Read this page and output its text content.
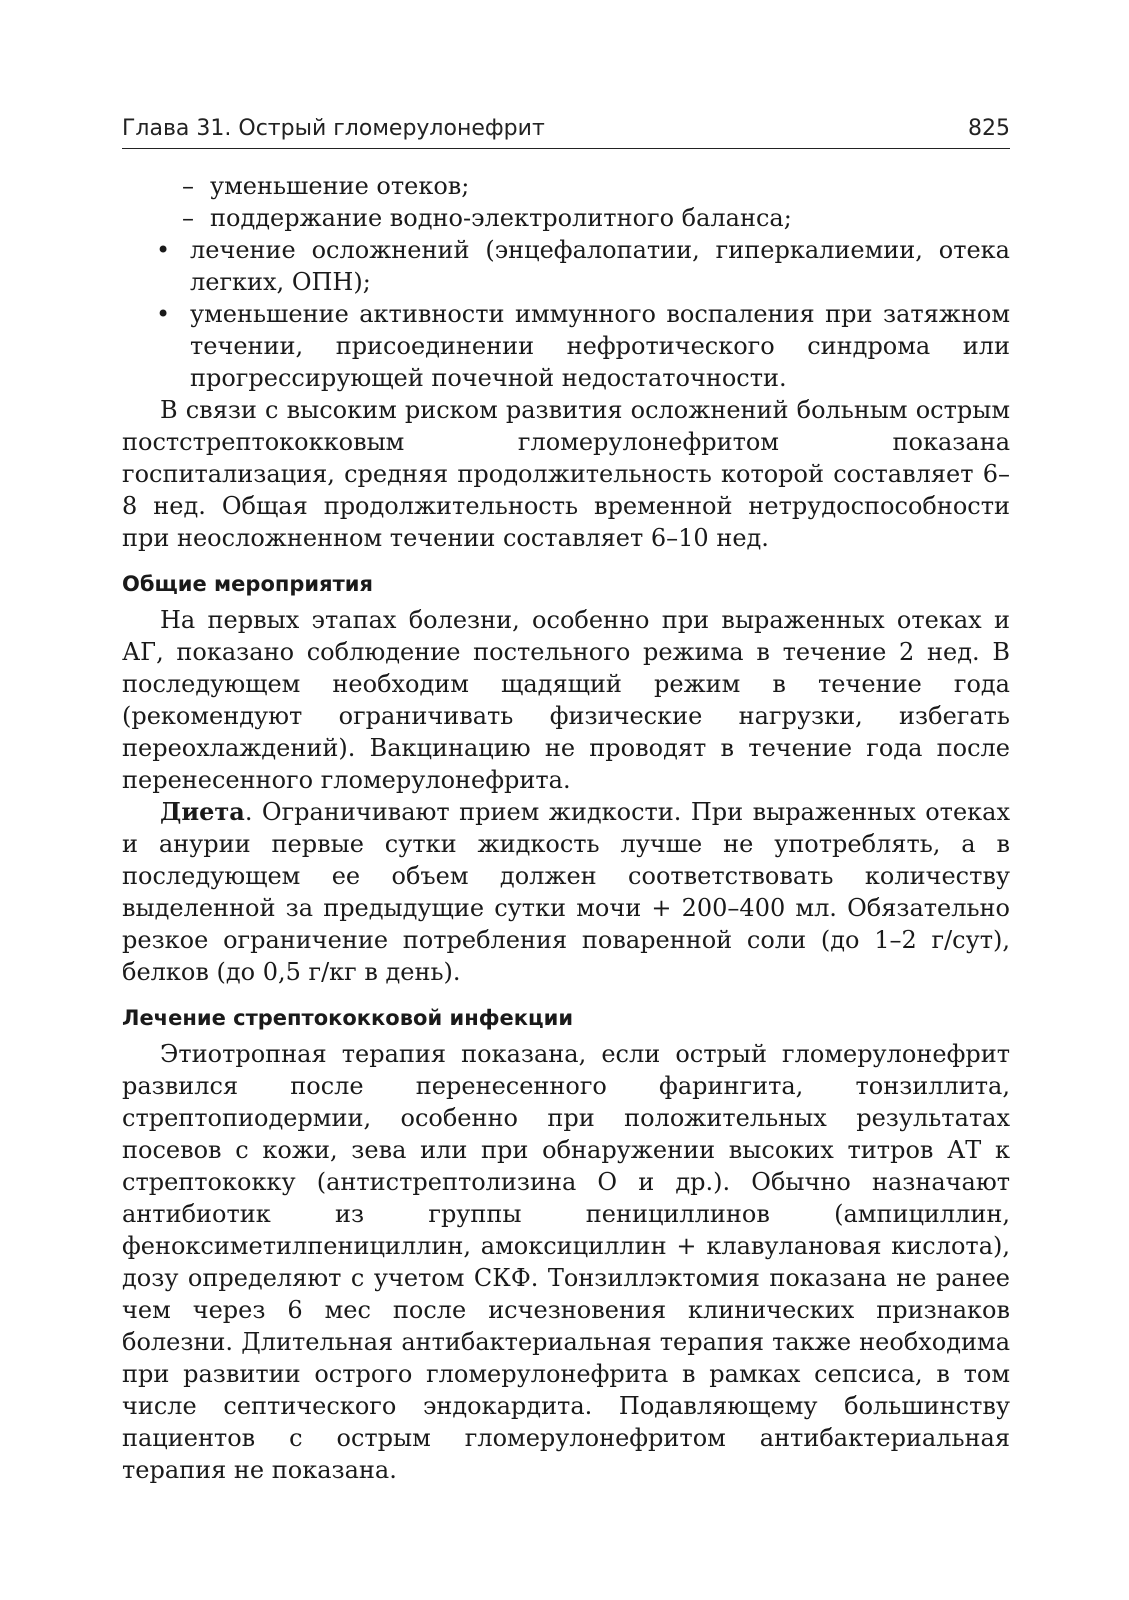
Глава 31. Острый гломерулонефрит	825
– уменьшение отеков;
– поддержание водно-электролитного баланса;
• лечение осложнений (энцефалопатии, гиперкалиемии, отека легких, ОПН);
• уменьшение активности иммунного воспаления при затяжном течении, присоединении нефротического синдрома или прогрессирующей почечной недостаточности.

В связи с высоким риском развития осложнений больным острым постстрептококковым гломерулонефритом показана госпитализация, средняя продолжительность которой составляет 6–8 нед. Общая продолжительность временной нетрудоспособности при неосложненном течении составляет 6–10 нед.

Общие мероприятия

На первых этапах болезни, особенно при выраженных отеках и АГ, показано соблюдение постельного режима в течение 2 нед. В последующем необходим щадящий режим в течение года (рекомендуют ограничивать физические нагрузки, избегать переохлаждений). Вакцинацию не проводят в течение года после перенесенного гломерулонефрита.

Диета. Ограничивают прием жидкости. При выраженных отеках и анурии первые сутки жидкость лучше не употреблять, а в последующем ее объем должен соответствовать количеству выделенной за предыдущие сутки мочи + 200–400 мл. Обязательно резкое ограничение потребления поваренной соли (до 1–2 г/сут), белков (до 0,5 г/кг в день).

Лечение стрептококковой инфекции

Этиотропная терапия показана, если острый гломерулонефрит развился после перенесенного фарингита, тонзиллита, стрептопиодермии, особенно при положительных результатах посевов с кожи, зева или при обнаружении высоких титров АТ к стрептококку (антистрептолизина О и др.). Обычно назначают антибиотик из группы пенициллинов (ампициллин, феноксиметилпенициллин, амоксициллин + клавулановая кислота), дозу определяют с учетом СКФ. Тонзиллэктомия показана не ранее чем через 6 мес после исчезновения клинических признаков болезни. Длительная антибактериальная терапия также необходима при развитии острого гломерулонефрита в рамках сепсиса, в том числе септического эндокардита. Подавляющему большинству пациентов с острым гломерулонефритом антибактериальная терапия не показана.
